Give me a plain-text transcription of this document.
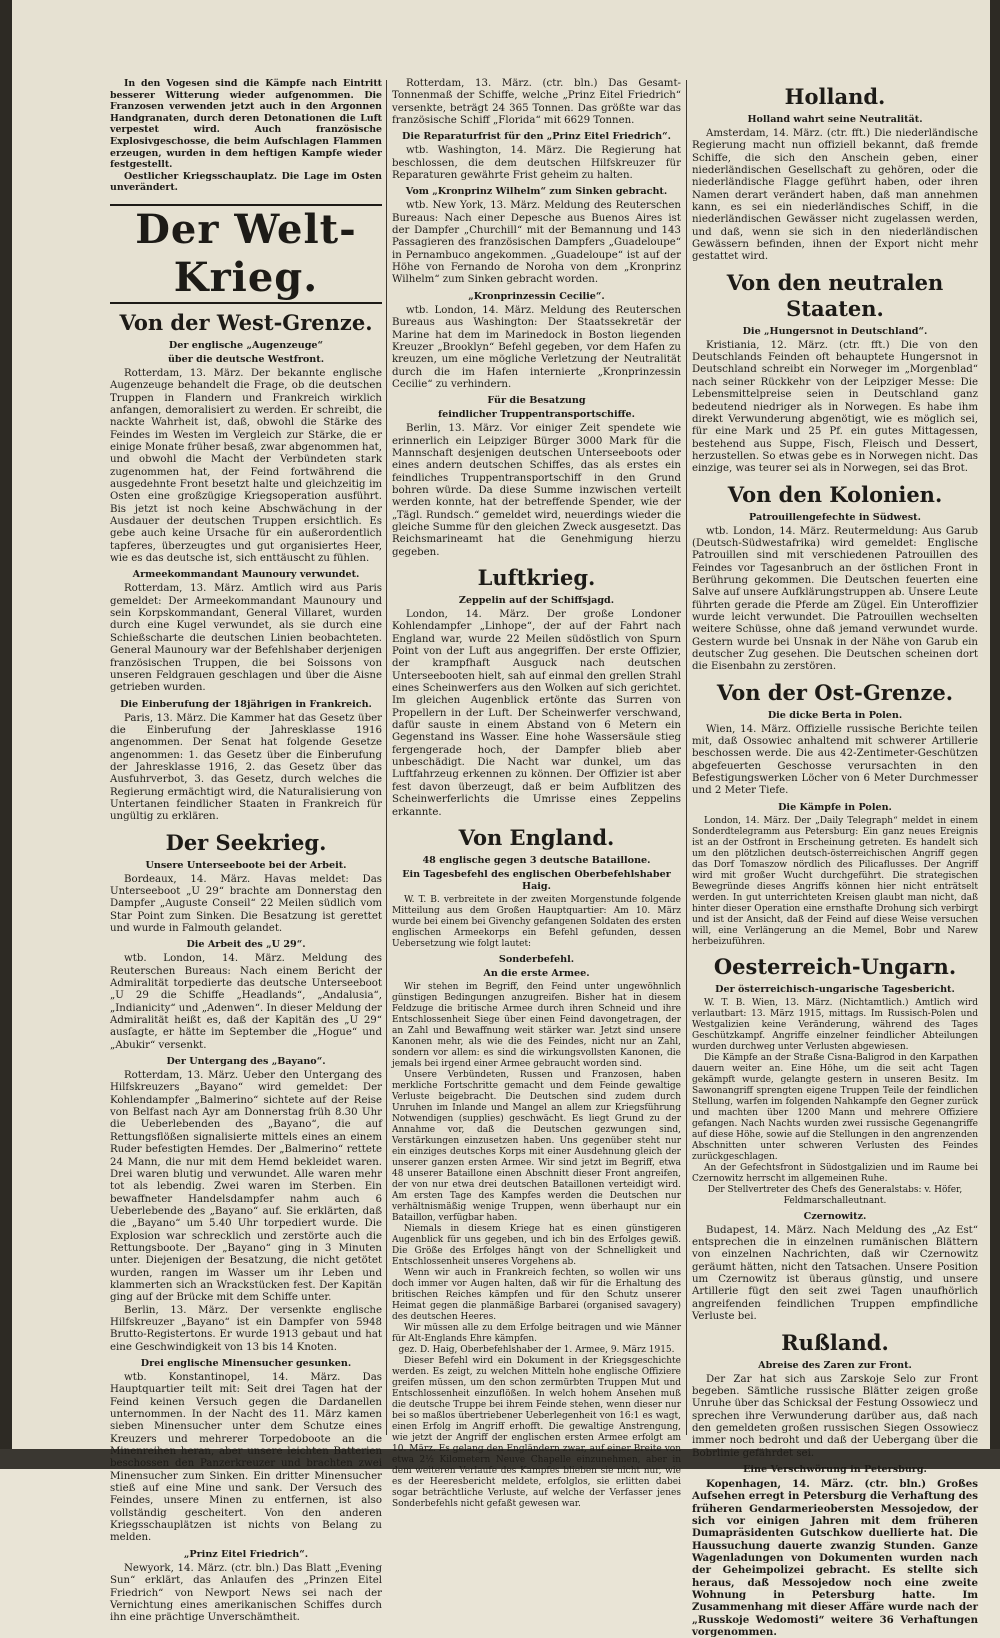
In den Vogesen sind die Kämpfe nach Eintritt besserer Witterung wieder aufgenommen. Die Franzosen verwenden jetzt auch in den Argonnen Handgranaten, durch deren Detonationen die Luft verpestet wird. Auch französische Explosivgeschosse, die beim Aufschlagen Flammen erzeugen, wurden in dem heftigen Kampfe wieder festgestellt.

Oestlicher Kriegsschauplatz. Die Lage im Osten unverändert.

Der Welt-Krieg.
Von der West-Grenze.
Der englische „Augenzeuge“
über die deutsche Westfront.

Rotterdam, 13. März. Der bekannte englische Augenzeuge behandelt die Frage, ob die deutschen Truppen in Flandern und Frankreich wirklich anfangen, demoralisiert zu werden. Er schreibt, die nackte Wahrheit ist, daß, obwohl die Stärke des Feindes im Westen im Vergleich zur Stärke, die er einige Monate früher besaß, zwar abgenommen hat, und obwohl die Macht der Verbündeten stark zugenommen hat, der Feind fortwährend die ausgedehnte Front besetzt halte und gleichzeitig im Osten eine großzügige Kriegsoperation ausführt. Bis jetzt ist noch keine Abschwächung in der Ausdauer der deutschen Truppen ersichtlich. Es gebe auch keine Ursache für ein außerordentlich tapferes, überzeugtes und gut organisiertes Heer, wie es das deutsche ist, sich enttäuscht zu fühlen.

Armeekommandant Maunoury verwundet.

Rotterdam, 13. März. Amtlich wird aus Paris gemeldet: Der Armeekommandant Maunoury und sein Korpskommandant, General Villaret, wurden durch eine Kugel verwundet, als sie durch eine Schießscharte die deutschen Linien beobachteten. General Maunoury war der Befehlshaber derjenigen französischen Truppen, die bei Soissons von unseren Feldgrauen geschlagen und über die Aisne getrieben wurden.

Die Einberufung der 18jährigen in Frankreich.

Paris, 13. März. Die Kammer hat das Gesetz über die Einberufung der Jahresklasse 1916 angenommen. Der Senat hat folgende Gesetze angenommen: 1. das Gesetz über die Einberufung der Jahresklasse 1916, 2. das Gesetz über das Ausfuhrverbot, 3. das Gesetz, durch welches die Regierung ermächtigt wird, die Naturalisierung von Untertanen feindlicher Staaten in Frankreich für ungültig zu erklären.

Der Seekrieg.
Unsere Unterseeboote bei der Arbeit.

Bordeaux, 14. März. Havas meldet: Das Unterseeboot „U 29“ brachte am Donnerstag den Dampfer „Auguste Conseil“ 22 Meilen südlich vom Star Point zum Sinken. Die Besatzung ist gerettet und wurde in Falmouth gelandet.

Die Arbeit des „U 29“.

wtb. London, 14. März. Meldung des Reuterschen Bureaus: Nach einem Bericht der Admiralität torpedierte das deutsche Unterseeboot „U 29 die Schiffe „Headlands“, „Andalusia“, „Indianicity“ und „Adenwen“. In dieser Meldung der Admiralität heißt es, daß der Kapitän des „U 29“ ausſagte, er hätte im September die „Hogue“ und „Abukir“ versenkt.

Der Untergang des „Bayano“.

Rotterdam, 13. März. Ueber den Untergang des Hilfskreuzers „Bayano“ wird gemeldet: Der Kohlendampfer „Balmerino“ sichtete auf der Reise von Belfast nach Ayr am Donnerstag früh 8.30 Uhr die Ueberlebenden des „Bayano“, die auf Rettungsflößen signalisierte mittels eines an einem Ruder befestigten Hemdes. Der „Balmerino“ rettete 24 Mann, die nur mit dem Hemd bekleidet waren. Drei waren blutig und verwundet. Alle waren mehr tot als lebendig. Zwei waren im Sterben. Ein bewaffneter Handelsdampfer nahm auch 6 Ueberlebende des „Bayano“ auf. Sie erklärten, daß die „Bayano“ um 5.40 Uhr torpediert wurde. Die Explosion war schrecklich und zerstörte auch die Rettungsboote. Der „Bayano“ ging in 3 Minuten unter. Diejenigen der Besatzung, die nicht getötet wurden, rangen im Wasser um ihr Leben und klammerten sich an Wrackstücken fest. Der Kapitän ging auf der Brücke mit dem Schiffe unter.

Berlin, 13. März. Der versenkte englische Hilfskreuzer „Bayano“ ist ein Dampfer von 5948 Brutto-Registertons. Er wurde 1913 gebaut und hat eine Geschwindigkeit von 13 bis 14 Knoten.

Drei englische Minensucher gesunken.

wtb. Konstantinopel, 14. März. Das Hauptquartier teilt mit: Seit drei Tagen hat der Feind keinen Versuch gegen die Dardanellen unternommen. In der Nacht des 11. März kamen sieben Minensucher unter dem Schutze eines Kreuzers und mehrerer Torpedoboote an die Minenreihen heran, aber unsere leichten Batterien beschossen den Panzerkreuzer und brachten zwei Minensucher zum Sinken. Ein dritter Minensucher stieß auf eine Mine und sank. Der Versuch des Feindes, unsere Minen zu entfernen, ist also vollständig gescheitert. Von den anderen Kriegsschauplätzen ist nichts von Belang zu melden.

„Prinz Eitel Friedrich“.

Newyork, 14. März. (ctr. bln.) Das Blatt „Evening Sun“ erklärt, das Anlaufen des „Prinzen Eitel Friedrich“ von Newport News sei nach der Vernichtung eines amerikanischen Schiffes durch ihn eine prächtige Unverschämtheit.

Rotterdam, 13. März. (ctr. bln.) Das Gesamt-Tonnenmaß der Schiffe, welche „Prinz Eitel Friedrich“ versenkte, beträgt 24 365 Tonnen. Das größte war das französische Schiff „Florida“ mit 6629 Tonnen.

Die Reparaturfrist für den „Prinz Eitel Friedrich“.

wtb. Washington, 14. März. Die Regierung hat beschlossen, die dem deutschen Hilfskreuzer für Reparaturen gewährte Frist geheim zu halten.

Vom „Kronprinz Wilhelm“ zum Sinken gebracht.

wtb. New York, 13. März. Meldung des Reuterschen Bureaus: Nach einer Depesche aus Buenos Aires ist der Dampfer „Churchill“ mit der Bemannung und 143 Passagieren des französischen Dampfers „Guadeloupe“ in Pernambuco angekommen. „Guadeloupe“ ist auf der Höhe von Fernando de Noroha von dem „Kronprinz Wilhelm“ zum Sinken gebracht worden.

„Kronprinzessin Cecilie“.

wtb. London, 14. März. Meldung des Reuterschen Bureaus aus Washington: Der Staatssekretär der Marine hat dem im Marinedock in Boston liegenden Kreuzer „Brooklyn“ Befehl gegeben, vor dem Hafen zu kreuzen, um eine mögliche Verletzung der Neutralität durch die im Hafen internierte „Kronprinzessin Cecilie“ zu verhindern.

Für die Besatzung
feindlicher Truppentransportschiffe.

Berlin, 13. März. Vor einiger Zeit spendete wie erinnerlich ein Leipziger Bürger 3000 Mark für die Mannschaft desjenigen deutschen Unterseeboots oder eines andern deutschen Schiffes, das als erstes ein feindliches Truppentransportschiff in den Grund bohren würde. Da diese Summe inzwischen verteilt werden konnte, hat der betreffende Spender, wie der „Tägl. Rundsch.“ gemeldet wird, neuerdings wieder die gleiche Summe für den gleichen Zweck ausgesetzt. Das Reichsmarineamt hat die Genehmigung hierzu gegeben.

Luftkrieg.
Zeppelin auf der Schiffsjagd.

London, 14. März. Der große Londoner Kohlendampfer „Linhope“, der auf der Fahrt nach England war, wurde 22 Meilen südöstlich von Spurn Point von der Luft aus angegriffen. Der erste Offizier, der krampfhaft Ausguck nach deutschen Unterseebooten hielt, sah auf einmal den grellen Strahl eines Scheinwerfers aus den Wolken auf sich gerichtet. Im gleichen Augenblick ertönte das Surren von Propellern in der Luft. Der Scheinwerfer verschwand, dafür sauste in einem Abstand von 6 Metern ein Gegenstand ins Wasser. Eine hohe Wassersäule stieg fergengerade hoch, der Dampfer blieb aber unbeschädigt. Die Nacht war dunkel, um das Luftfahrzeug erkennen zu können. Der Offizier ist aber fest davon überzeugt, daß er beim Aufblitzen des Scheinwerferlichts die Umrisse eines Zeppelins erkannte.

Von England.
48 englische gegen 3 deutsche Bataillone.
Ein Tagesbefehl des englischen Oberbefehlshaber Haig.

W. T. B. verbreitete in der zweiten Morgenstunde folgende Mitteilung aus dem Großen Hauptquartier: Am 10. März wurde bei einem bei Givenchy gefangenen Soldaten des ersten englischen Armeekorps ein Befehl gefunden, dessen Uebersetzung wie folgt lautet:

Sonderbefehl.
An die erste Armee.

Wir stehen im Begriff, den Feind unter ungewöhnlich günstigen Bedingungen anzugreifen. Bisher hat in diesem Feldzuge die britische Armee durch ihren Schneid und ihre Entschlossenheit Siege über einen Feind davongetragen, der an Zahl und Bewaffnung weit stärker war. Jetzt sind unsere Kanonen mehr, als wie die des Feindes, nicht nur an Zahl, sondern vor allem: es sind die wirkungsvollsten Kanonen, die jemals bei irgend einer Armee gebraucht worden sind.

Unsere Verbündeten, Russen und Franzosen, haben merkliche Fortschritte gemacht und dem Feinde gewaltige Verluste beigebracht. Die Deutschen sind zudem durch Unruhen im Inlande und Mangel an allem zur Kriegsführung Notwendigen (supplies) geschwächt. Es liegt Grund zu der Annahme vor, daß die Deutschen gezwungen sind, Verstärkungen einzusetzen haben. Uns gegenüber steht nur ein einziges deutsches Korps mit einer Ausdehnung gleich der unserer ganzen ersten Armee. Wir sind jetzt im Begriff, etwa 48 unserer Bataillone einen Abschnitt dieser Front angreifen, der von nur etwa drei deutschen Bataillonen verteidigt wird. Am ersten Tage des Kampfes werden die Deutschen nur verhältnismäßig wenige Truppen, wenn überhaupt nur ein Bataillon, verfügbar haben.

Niemals in diesem Kriege hat es einen günstigeren Augenblick für uns gegeben, und ich bin des Erfolges gewiß. Die Größe des Erfolges hängt von der Schnelligkeit und Entschlossenheit unseres Vorgehens ab.

Wenn wir auch in Frankreich fechten, so wollen wir uns doch immer vor Augen halten, daß wir für die Erhaltung des britischen Reiches kämpfen und für den Schutz unserer Heimat gegen die planmäßige Barbarei (organised savagery) des deutschen Heeres.

Wir müssen alle zu dem Erfolge beitragen und wie Männer für Alt-Englands Ehre kämpfen.

gez. D. Haig, Oberbefehlshaber der 1. Armee, 9. März 1915.

Dieser Befehl wird ein Dokument in der Kriegsgeschichte werden. Es zeigt, zu welchen Mitteln hohe englische Offiziere greifen müssen, um den schon zermürbten Truppen Mut und Entschlossenheit einzuflößen. In welch hohem Ansehen muß die deutsche Truppe bei ihrem Feinde stehen, wenn dieser nur bei so maßlos übertriebener Ueberlegenheit von 16:1 es wagt, einen Erfolg im Angriff erhofft. Die gewaltige Anstrengung, wie jetzt der Angriff der englischen ersten Armee erfolgt am 10. März. Es gelang den Engländern zwar, auf einer Breite von etwa 2½ Kilometern Neuve Chapelle einzunehmen, aber in dem weiteren Verlaufe des Kampfes blieben sie nicht nur, wie es der Heeresbericht meldete, erfolglos, sie erlitten dabei sogar beträchtliche Verluste, auf welche der Verfasser jenes Sonderbefehls nicht gefaßt gewesen war.

Holland.
Holland wahrt seine Neutralität.

Amsterdam, 14. März. (ctr. fft.) Die niederländische Regierung macht nun offiziell bekannt, daß fremde Schiffe, die sich den Anschein geben, einer niederländischen Gesellschaft zu gehören, oder die niederländische Flagge geführt haben, oder ihren Namen derart verändert haben, daß man annehmen kann, es sei ein niederländisches Schiff, in die niederländischen Gewässer nicht zugelassen werden, und daß, wenn sie sich in den niederländischen Gewässern befinden, ihnen der Export nicht mehr gestattet wird.

Von den neutralen Staaten.
Die „Hungersnot in Deutschland“.

Kristiania, 12. März. (ctr. fft.) Die von den Deutschlands Feinden oft behauptete Hungersnot in Deutschland schreibt ein Norweger im „Morgenblad“ nach seiner Rückkehr von der Leipziger Messe: Die Lebensmittelpreise seien in Deutschland ganz bedeutend niedriger als in Norwegen. Es habe ihm direkt Verwunderung abgenötigt, wie es möglich sei, für eine Mark und 25 Pf. ein gutes Mittagessen, bestehend aus Suppe, Fisch, Fleisch und Dessert, herzustellen. So etwas gebe es in Norwegen nicht. Das einzige, was teurer sei als in Norwegen, sei das Brot.

Von den Kolonien.
Patrouillengefechte in Südwest.

wtb. London, 14. März. Reutermeldung: Aus Garub (Deutsch-Südwestafrika) wird gemeldet: Englische Patrouillen sind mit verschiedenen Patrouillen des Feindes vor Tagesanbruch an der östlichen Front in Berührung gekommen. Die Deutschen feuerten eine Salve auf unsere Aufklärungstruppen ab. Unsere Leute führten gerade die Pferde am Zügel. Ein Unteroffizier wurde leicht verwundet. Die Patrouillen wechselten weitere Schüsse, ohne daß jemand verwundet wurde. Gestern wurde bei Unsnak in der Nähe von Garub ein deutscher Zug gesehen. Die Deutschen scheinen dort die Eisenbahn zu zerstören.

Von der Ost-Grenze.
Die dicke Berta in Polen.

Wien, 14. März. Offizielle russische Berichte teilen mit, daß Ossowiec anhaltend mit schwerer Artillerie beschossen werde. Die aus 42-Zentimeter-Geschützen abgefeuerten Geschosse verursachten in den Befestigungswerken Löcher von 6 Meter Durchmesser und 2 Meter Tiefe.

Die Kämpfe in Polen.

London, 14. März. Der „Daily Telegraph“ meldet in einem Sonderdtelegramm aus Petersburg: Ein ganz neues Ereignis ist an der Ostfront in Erscheinung getreten. Es handelt sich um den plötzlichen deutsch-österreichischen Angriff gegen das Dorf Tomaszow nördlich des Pilicaflusses. Der Angriff wird mit großer Wucht durchgeführt. Die strategischen Bewegründe dieses Angriffs können hier nicht enträtselt werden. In gut unterrichteten Kreisen glaubt man nicht, daß hinter dieser Operation eine ernsthafte Drohung sich verbirgt und ist der Ansicht, daß der Feind auf diese Weise versuchen will, eine Verlängerung an die Memel, Bobr und Narew herbeizuführen.

Oesterreich-Ungarn.
Der österreichisch-ungarische Tagesbericht.

W. T. B. Wien, 13. März. (Nichtamtlich.) Amtlich wird verlautbart: 13. März 1915, mittags. Im Russisch-Polen und Westgalizien keine Veränderung, während des Tages Geschützkampf. Angriffe einzelner feindlicher Abteilungen wurden durchweg unter Verlusten abgewiesen.

Die Kämpfe an der Straße Cisna-Baligrod in den Karpathen dauern weiter an. Eine Höhe, um die seit acht Tagen gekämpft wurde, gelangte gestern in unseren Besitz. Im Sawonangriff sprengten eigene Truppen Teile der feindlichen Stellung, warfen im folgenden Nahkampfe den Gegner zurück und machten über 1200 Mann und mehrere Offiziere gefangen. Nach Nachts wurden zwei russische Gegenangriffe auf diese Höhe, sowie auf die Stellungen in den angrenzenden Abschnitten unter schweren Verlusten des Feindes zurückgeschlagen.

An der Gefechtsfront in Südostgalizien und im Raume bei Czernowitz herrscht im allgemeinen Ruhe.

Der Stellvertreter des Chefs des Generalstabs: v. Höfer, Feldmarschalleutnant.

Czernowitz.

Budapest, 14. März. Nach Meldung des „Az Est“ entsprechen die in einzelnen rumänischen Blättern von einzelnen Nachrichten, daß wir Czernowitz geräumt hätten, nicht den Tatsachen. Unsere Position um Czernowitz ist überaus günstig, und unsere Artillerie fügt den seit zwei Tagen unaufhörlich angreifenden feindlichen Truppen empfindliche Verluste bei.

Rußland.
Abreise des Zaren zur Front.

Der Zar hat sich aus Zarskoje Selo zur Front begeben. Sämtliche russische Blätter zeigen große Unruhe über das Schicksal der Festung Ossowiecz und sprechen ihre Verwunderung darüber aus, daß nach den gemeldeten großen russischen Siegen Ossowiecz immer noch bedroht und daß der Uebergang über die Bobrlinie gefährdet sei.

Eine Verschwörung in Petersburg.

Kopenhagen, 14. März. (ctr. bln.) Großes Aufsehen erregt in Petersburg die Verhaftung des früheren Gendarmerieobersten Messojedow, der sich vor einigen Jahren mit dem früheren Dumapräsidenten Gutschkow duellierte hat. Die Haussuchung dauerte zwanzig Stunden. Ganze Wagenladungen von Dokumenten wurden nach der Geheimpolizei gebracht. Es stellte sich heraus, daß Messojedow noch eine zweite Wohnung in Petersburg hatte. Im Zusammenhang mit dieser Affäre wurde nach der „Russkoje Wedomosti“ weitere 36 Verhaftungen vorgenommen.
